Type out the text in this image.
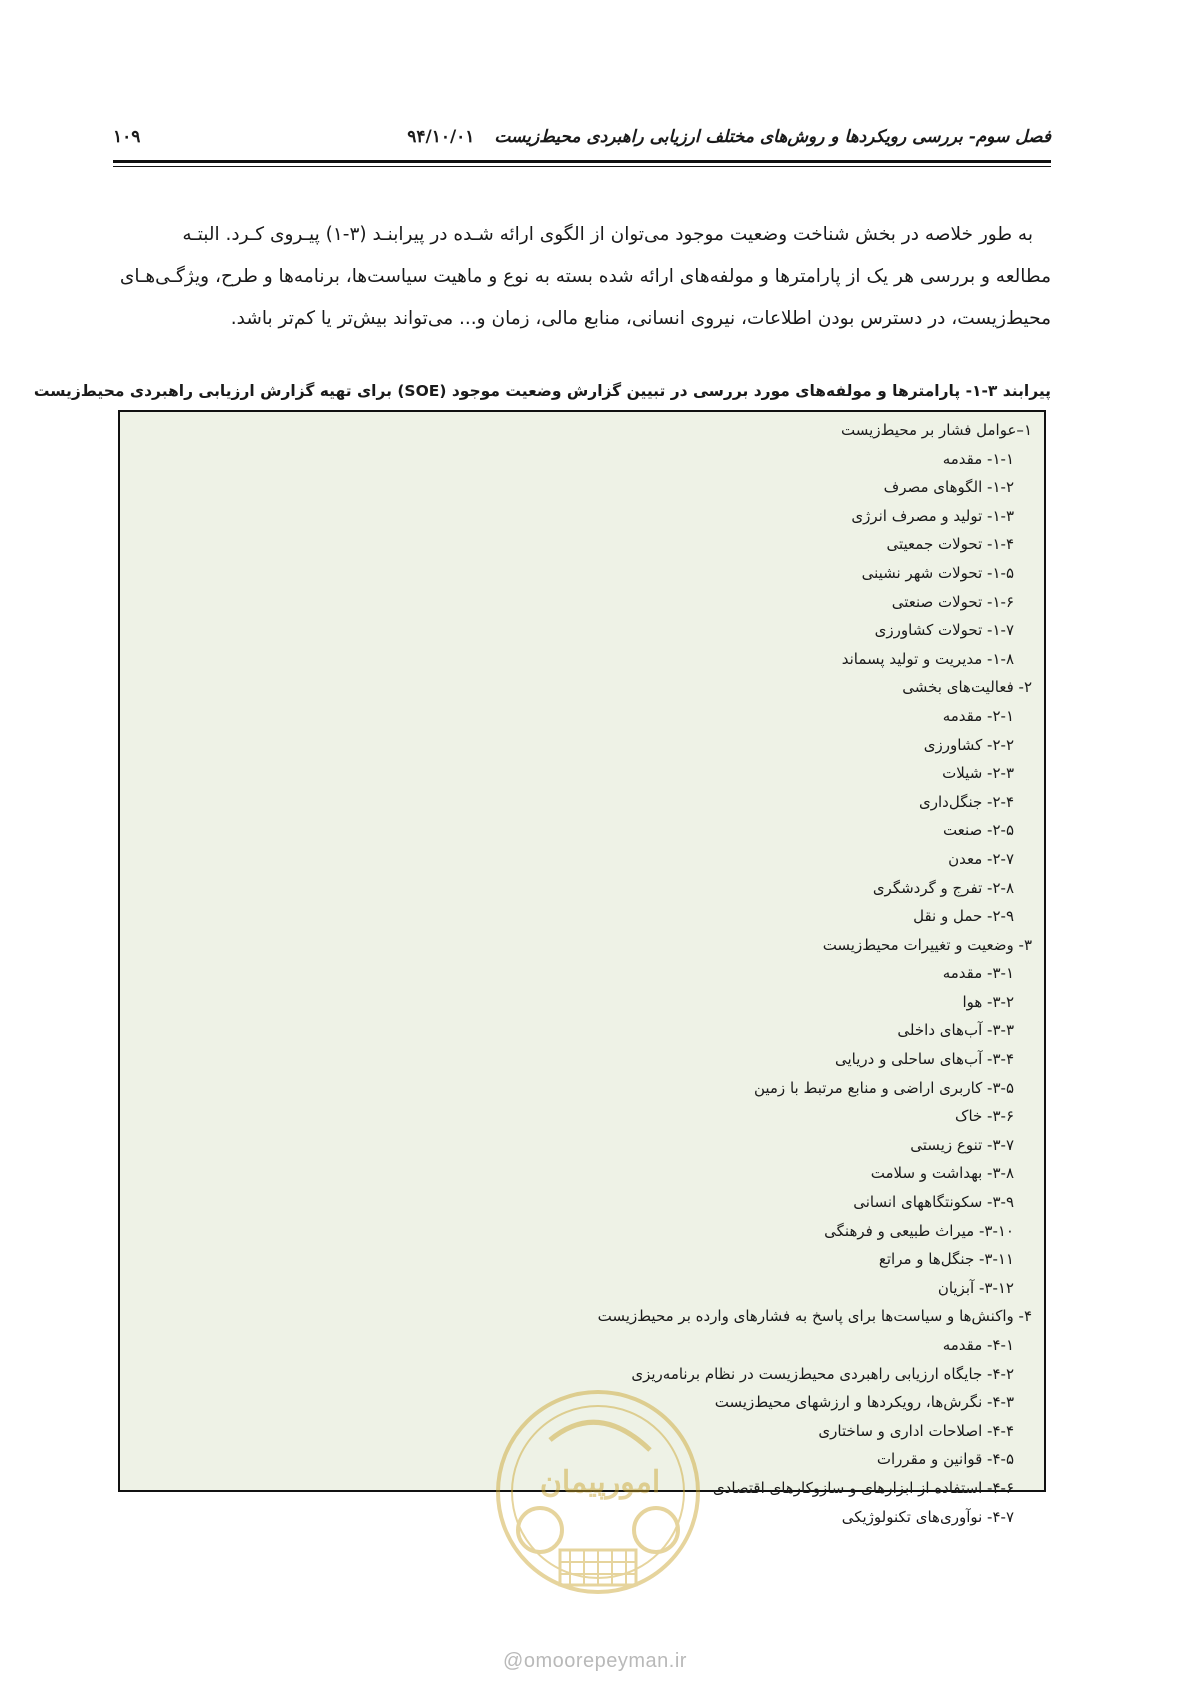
فصل سوم- بررسی رویکردها و روش‌های مختلف ارزیابی راهبردی محیط‌زیست ۹۴/۱۰/۰۱
۱۰۹
به طور خلاصه در بخش شناخت وضعیت موجود می‌توان از الگوی ارائه شـده در پیرابنـد (۳-۱) پیـروی کـرد. البتـه
مطالعه و بررسی هر یک از پارامترها و مولفه‌های ارائه شده بسته به نوع و ماهیت سیاست‌ها، برنامه‌ها و طرح، ویژگـی‌هـای
محیط‌زیست، در دسترس بودن اطلاعات، نیروی انسانی، منابع مالی، زمان و... می‌تواند بیش‌تر یا کم‌تر باشد.
پیرابند ۳-۱- پارامترها و مولفه‌های مورد بررسی در تبیین گزارش وضعیت موجود (SOE) برای تهیه گزارش ارزیابی راهبردی محیط‌زیست
۱–عوامل فشار بر محیط‌زیست
۱-۱- مقدمه
۱-۲- الگوهای مصرف
۱-۳- تولید و مصرف انرژی
۱-۴- تحولات جمعیتی
۱-۵- تحولات شهر نشینی
۱-۶- تحولات صنعتی
۱-۷- تحولات کشاورزی
۱-۸- مدیریت و تولید پسماند
۲- فعالیت‌های بخشی
۲-۱- مقدمه
۲-۲- کشاورزی
۲-۳- شیلات
۲-۴- جنگل‌داری
۲-۵- صنعت
۲-۷- معدن
۲-۸- تفرج و گردشگری
۲-۹- حمل و نقل
۳- وضعیت و تغییرات محیط‌زیست
۳-۱- مقدمه
۳-۲- هوا
۳-۳- آب‌های داخلی
۳-۴- آب‌های ساحلی و دریایی
۳-۵- کاربری اراضی و منابع مرتبط با زمین
۳-۶- خاک
۳-۷- تنوع زیستی
۳-۸- بهداشت و سلامت
۳-۹- سکونتگاههای انسانی
۳-۱۰- میراث طبیعی و فرهنگی
۳-۱۱- جنگل‌ها و مراتع
۳-۱۲- آبزیان
۴- واکنش‌ها و سیاست‌ها برای پاسخ به فشارهای وارده بر محیط‌زیست
۴-۱- مقدمه
۴-۲- جایگاه ارزیابی راهبردی محیط‌زیست در نظام برنامه‌ریزی
۴-۳- نگرش‌ها، رویکردها و ارزشهای محیط‌زیست
۴-۴- اصلاحات اداری و ساختاری
۴-۵- قوانین و مقررات
۴-۶- استفاده از ابزارهای و سازوکارهای اقتصادی
۴-۷- نوآوری‌های تکنولوژیکی
امورپیمان
@omoorepeyman.ir
